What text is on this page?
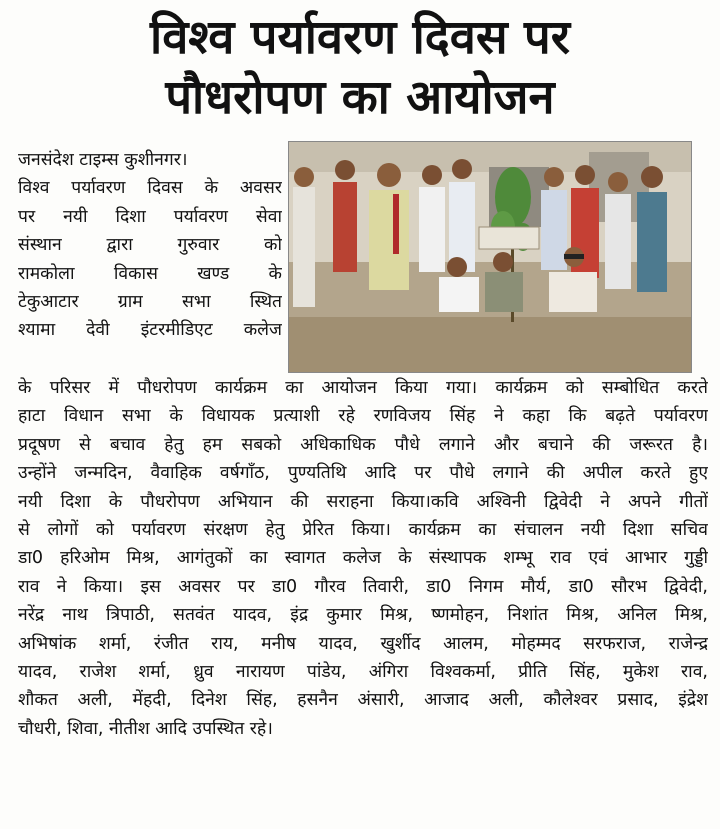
विश्व पर्यावरण दिवस पर
पौधरोपण का आयोजन
जनसंदेश टाइम्स कुशीनगर।
विश्व पर्यावरण दिवस के अवसर
पर नयी दिशा पर्यावरण सेवा
संस्थान द्वारा गुरुवार को
रामकोला विकास खण्ड के
टेकुआटार ग्राम सभा स्थित
श्यामा देवी इंटरमीडिएट कलेज
के परिसर में पौधरोपण कार्यक्रम का आयोजन किया गया। कार्यक्रम को सम्बोधित करते
हाटा विधान सभा के विधायक प्रत्याशी रहे रणविजय सिंह ने कहा कि बढ़ते पर्यावरण
प्रदूषण से बचाव हेतु हम सबको अधिकाधिक पौधे लगाने और बचाने की जरूरत है।
उन्होंने जन्मदिन, वैवाहिक वर्षगाँठ, पुण्यतिथि आदि पर पौधे लगाने की अपील करते हुए
नयी दिशा के पौधरोपण अभियान की सराहना किया।कवि अश्विनी द्विवेदी ने अपने गीतों
से लोगों को पर्यावरण संरक्षण हेतु प्रेरित किया। कार्यक्रम का संचालन नयी दिशा सचिव
डा0 हरिओम मिश्र, आगंतुकों का स्वागत कलेज के संस्थापक शम्भू राव एवं आभार गुड्डी
राव ने किया। इस अवसर पर डा0 गौरव तिवारी, डा0 निगम मौर्य, डा0 सौरभ द्विवेदी,
नरेंद्र नाथ त्रिपाठी, सतवंत यादव, इंद्र कुमार मिश्र, ष्णमोहन, निशांत मिश्र, अनिल मिश्र,
अभिषांक शर्मा, रंजीत राय, मनीष यादव, खुर्शीद आलम, मोहम्मद सरफराज, राजेन्द्र
यादव, राजेश शर्मा, ध्रुव नारायण पांडेय, अंगिरा विश्वकर्मा, प्रीति सिंह, मुकेश राव,
शौकत अली, मेंहदी, दिनेश सिंह, हसनैन अंसारी, आजाद अली, कौलेश्वर प्रसाद, इंद्रेश
चौधरी, शिवा, नीतीश आदि उपस्थित रहे।
